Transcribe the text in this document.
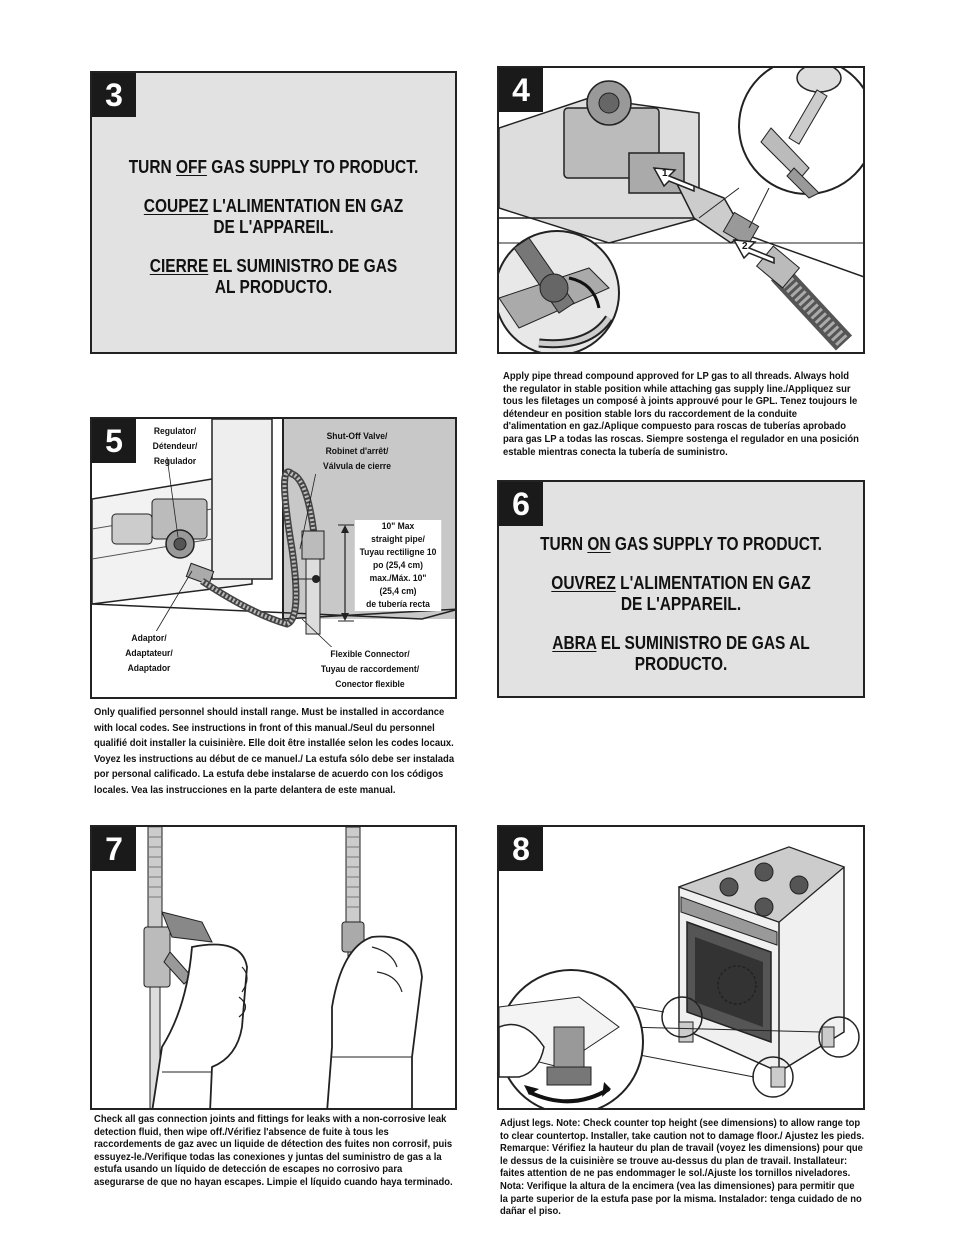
3

TURN OFF GAS SUPPLY TO PRODUCT.

COUPEZ L'ALIMENTATION EN GAZ DE L'APPAREIL.

CIERRE EL SUMINISTRO DE GAS AL PRODUCTO.

4
1
2
Apply pipe thread compound approved for LP gas to all threads. Always hold the regulator in stable position while attaching gas supply line./Appliquez sur tous les filetages un composé à joints approuvé pour le GPL. Tenez toujours le détendeur en position stable lors du raccordement de la conduite d'alimentation en gaz./Aplique compuesto para roscas de tuberías aprobado para gas LP a todas las roscas. Siempre sostenga el regulador en una posición estable mientras conecta la tubería de suministro.
5	Regulator/
Détendeur/
Regulador
Shut-Off Valve/
Robinet d'arrêt/
Válvula de cierre
10" Max
straight pipe/
Tuyau rectiligne 10
po (25,4 cm)
max./Máx. 10"
(25,4 cm)
de tubería recta
Adaptor/
Adaptateur/
Adaptador
Flexible Connector/
Tuyau de raccordement/
Conector flexible
Only qualified personnel should install range. Must be installed in accordance with local codes. See instructions in front of this manual./Seul du personnel qualifié doit installer la cuisinière. Elle doit être installée selon les codes locaux. Voyez les instructions au début de ce manuel./ La estufa sólo debe ser instalada por personal calificado. La estufa debe instalarse de acuerdo con los códigos locales. Vea las instrucciones en la parte delantera de este manual.
6

TURN ON GAS SUPPLY TO PRODUCT.

OUVREZ L'ALIMENTATION EN GAZ DE L'APPAREIL.

ABRA EL SUMINISTRO DE GAS AL PRODUCTO.

7
Check all gas connection joints and fittings for leaks with a non-corrosive leak detection fluid, then wipe off./Vérifiez l'absence de fuite à tous les raccordements de gaz avec un liquide de détection des fuites non corrosif, puis essuyez-le./Verifique todas las conexiones y juntas del suministro de gas a la estufa usando un líquido de detección de escapes no corrosivo para asegurarse de que no hayan escapes. Limpie el líquido cuando haya terminado.
8
Adjust legs. Note: Check counter top height (see dimensions) to allow range top to clear countertop. Installer, take caution not to damage floor./ Ajustez les pieds. Remarque: Vérifiez la hauteur du plan de travail (voyez les dimensions) pour que le dessus de la cuisinière se trouve au-dessus du plan de travail. Installateur: faites attention de ne pas endommager le sol./Ajuste los tornillos niveladores. Nota: Verifique la altura de la encimera (vea las dimensiones) para permitir que la parte superior de la estufa pase por la misma. Instalador: tenga cuidado de no dañar el piso.
